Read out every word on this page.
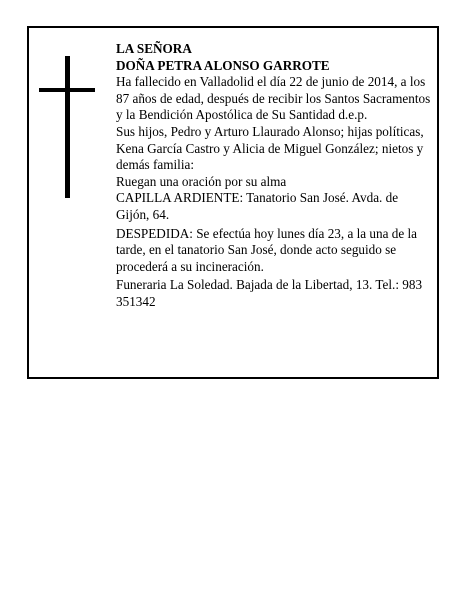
LA SEÑORA

DOÑA PETRA ALONSO GARROTE

Ha fallecido en Valladolid el día 22 de junio de 2014, a los 87 años de edad, después de recibir los Santos Sacramentos y la Bendición Apostólica de Su Santidad d.e.p.

Sus hijos, Pedro y Arturo Llaurado Alonso; hijas políticas, Kena García Castro y Alicia de Miguel González; nietos y demás familia:

Ruegan una oración por su alma

CAPILLA ARDIENTE: Tanatorio San José. Avda. de Gijón, 64.

DESPEDIDA: Se efectúa hoy lunes día 23, a la una de la tarde, en el tanatorio San José, donde acto seguido se procederá a su incineración.

Funeraria La Soledad. Bajada de la Libertad, 13. Tel.: 983 351342
